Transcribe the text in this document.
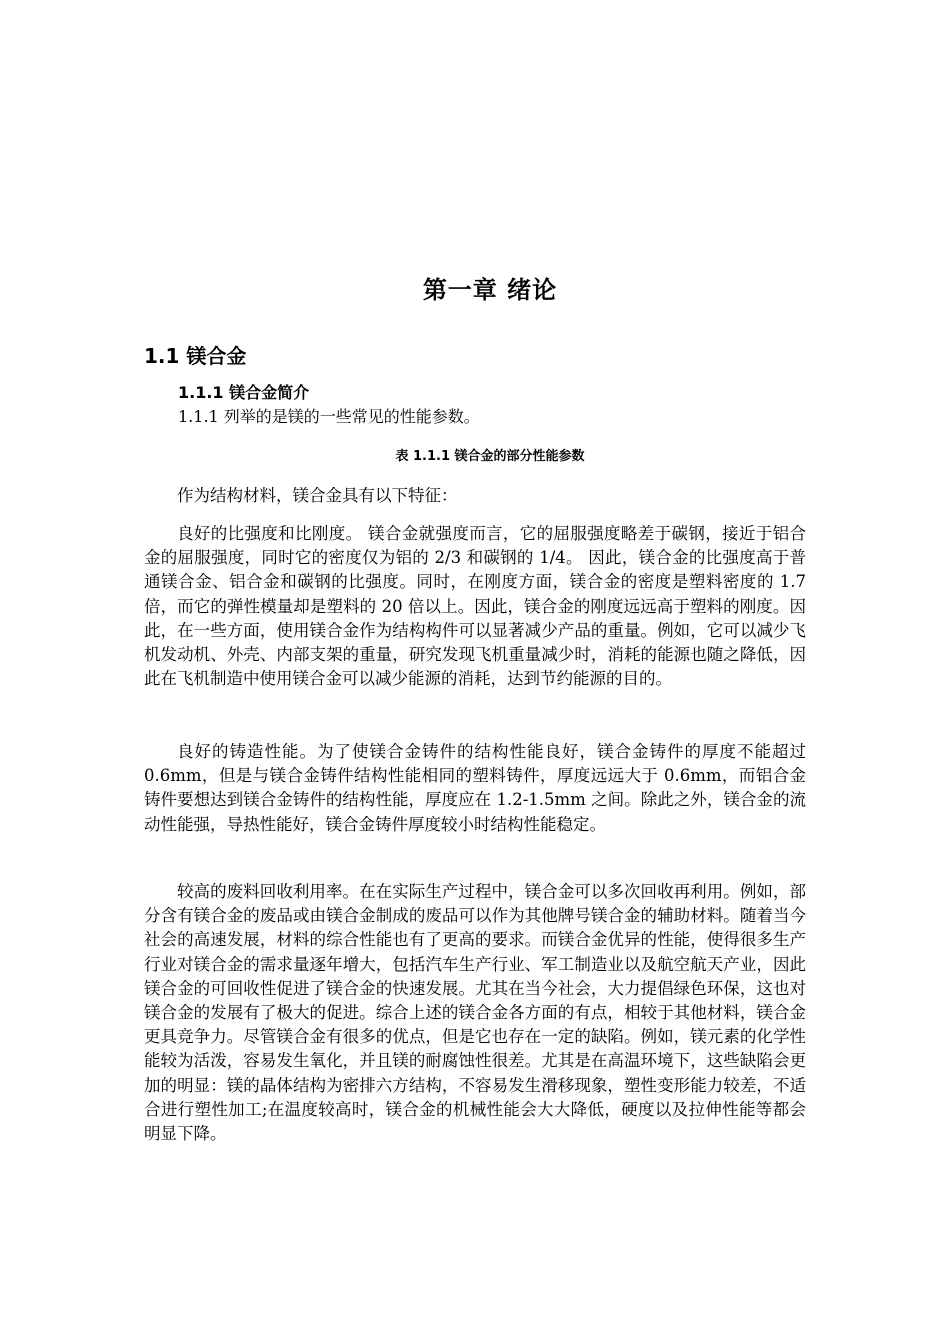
第一章 绪论
1.1 镁合金
1.1.1 镁合金简介

1.1.1 列举的是镁的一些常见的性能参数。

表 1.1.1 镁合金的部分性能参数

作为结构材料，镁合金具有以下特征：

良好的比强度和比刚度。 镁合金就强度而言，它的屈服强度略差于碳钢，接近于铝合金的屈服强度，同时它的密度仅为铝的 2/3 和碳钢的 1/4。 因此，镁合金的比强度高于普通镁合金、铝合金和碳钢的比强度。同时，在刚度方面，镁合金的密度是塑料密度的 1.7 倍，而它的弹性模量却是塑料的 20 倍以上。因此，镁合金的刚度远远高于塑料的刚度。因此，在一些方面，使用镁合金作为结构构件可以显著减少产品的重量。例如，它可以减少飞机发动机、外壳、内部支架的重量，研究发现飞机重量减少时，消耗的能源也随之降低，因此在飞机制造中使用镁合金可以减少能源的消耗，达到节约能源的目的。

良好的铸造性能。为了使镁合金铸件的结构性能良好，镁合金铸件的厚度不能超过 0.6mm，但是与镁合金铸件结构性能相同的塑料铸件，厚度远远大于 0.6mm，而铝合金铸件要想达到镁合金铸件的结构性能，厚度应在 1.2-1.5mm 之间。除此之外，镁合金的流动性能强，导热性能好，镁合金铸件厚度较小时结构性能稳定。

较高的废料回收利用率。在在实际生产过程中，镁合金可以多次回收再利用。例如，部分含有镁合金的废品或由镁合金制成的废品可以作为其他牌号镁合金的辅助材料。随着当今社会的高速发展，材料的综合性能也有了更高的要求。而镁合金优异的性能，使得很多生产行业对镁合金的需求量逐年增大，包括汽车生产行业、军工制造业以及航空航天产业，因此镁合金的可回收性促进了镁合金的快速发展。尤其在当今社会，大力提倡绿色环保，这也对镁合金的发展有了极大的促进。综合上述的镁合金各方面的有点，相较于其他材料，镁合金更具竞争力。尽管镁合金有很多的优点，但是它也存在一定的缺陷。例如，镁元素的化学性能较为活泼，容易发生氧化，并且镁的耐腐蚀性很差。尤其是在高温环境下，这些缺陷会更加的明显：镁的晶体结构为密排六方结构，不容易发生滑移现象，塑性变形能力较差，不适合进行塑性加工;在温度较高时，镁合金的机械性能会大大降低，硬度以及拉伸性能等都会明显下降。
